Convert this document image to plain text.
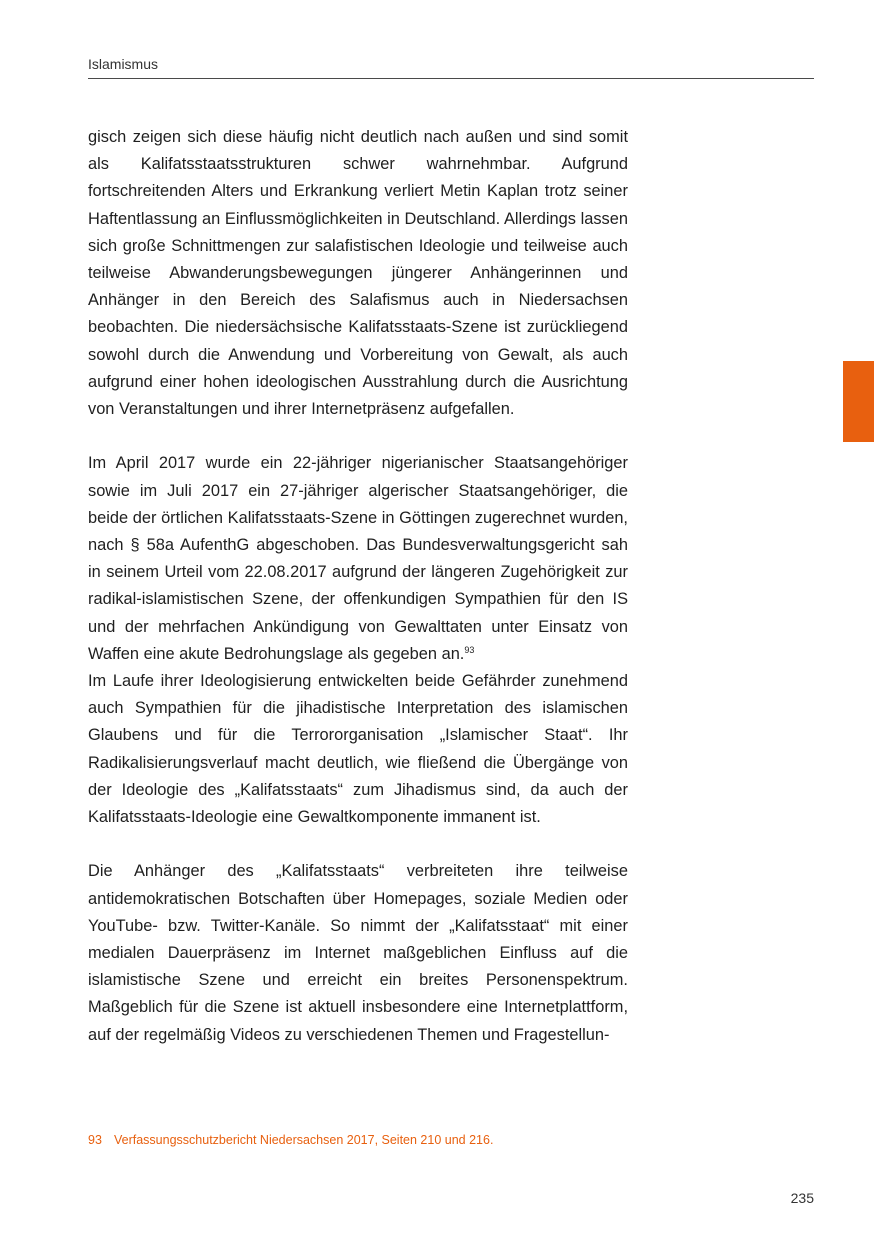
Islamismus

gisch zeigen sich diese häufig nicht deutlich nach außen und sind somit als Kalifatsstaatsstrukturen schwer wahrnehmbar. Aufgrund fortschreitenden Alters und Erkrankung verliert Metin Kaplan trotz seiner Haftentlassung an Einflussmöglichkeiten in Deutschland. Allerdings lassen sich große Schnittmengen zur salafistischen Ideologie und teilweise auch teilweise Abwanderungsbewegungen jüngerer Anhängerinnen und Anhänger in den Bereich des Salafismus auch in Niedersachsen beobachten. Die niedersächsische Kalifatsstaats-Szene ist zurückliegend sowohl durch die Anwendung und Vorbereitung von Gewalt, als auch aufgrund einer hohen ideologischen Ausstrahlung durch die Ausrichtung von Veranstaltungen und ihrer Internetpräsenz aufgefallen.

Im April 2017 wurde ein 22-jähriger nigerianischer Staatsangehöriger sowie im Juli 2017 ein 27-jähriger algerischer Staatsangehöriger, die beide der örtlichen Kalifatsstaats-Szene in Göttingen zugerechnet wurden, nach § 58a AufenthG abgeschoben. Das Bundesverwaltungsgericht sah in seinem Urteil vom 22.08.2017 aufgrund der längeren Zugehörigkeit zur radikal-islamistischen Szene, der offenkundigen Sympathien für den IS und der mehrfachen Ankündigung von Gewalttaten unter Einsatz von Waffen eine akute Bedrohungslage als gegeben an.$^{93}$

Im Laufe ihrer Ideologisierung entwickelten beide Gefährder zunehmend auch Sympathien für die jihadistische Interpretation des islamischen Glaubens und für die Terrororganisation „Islamischer Staat“. Ihr Radikalisierungsverlauf macht deutlich, wie fließend die Übergänge von der Ideologie des „Kalifatsstaats“ zum Jihadismus sind, da auch der Kalifatsstaats-Ideologie eine Gewaltkomponente immanent ist.

Die Anhänger des „Kalifatsstaats“ verbreiteten ihre teilweise antidemokratischen Botschaften über Homepages, soziale Medien oder YouTube- bzw. Twitter-Kanäle. So nimmt der „Kalifatsstaat“ mit einer medialen Dauerpräsenz im Internet maßgeblichen Einfluss auf die islamistische Szene und erreicht ein breites Personenspektrum. Maßgeblich für die Szene ist aktuell insbesondere eine Internetplattform, auf der regelmäßig Videos zu verschiedenen Themen und Fragestellun-

93 Verfassungsschutzbericht Niedersachsen 2017, Seiten 210 und 216.
235
